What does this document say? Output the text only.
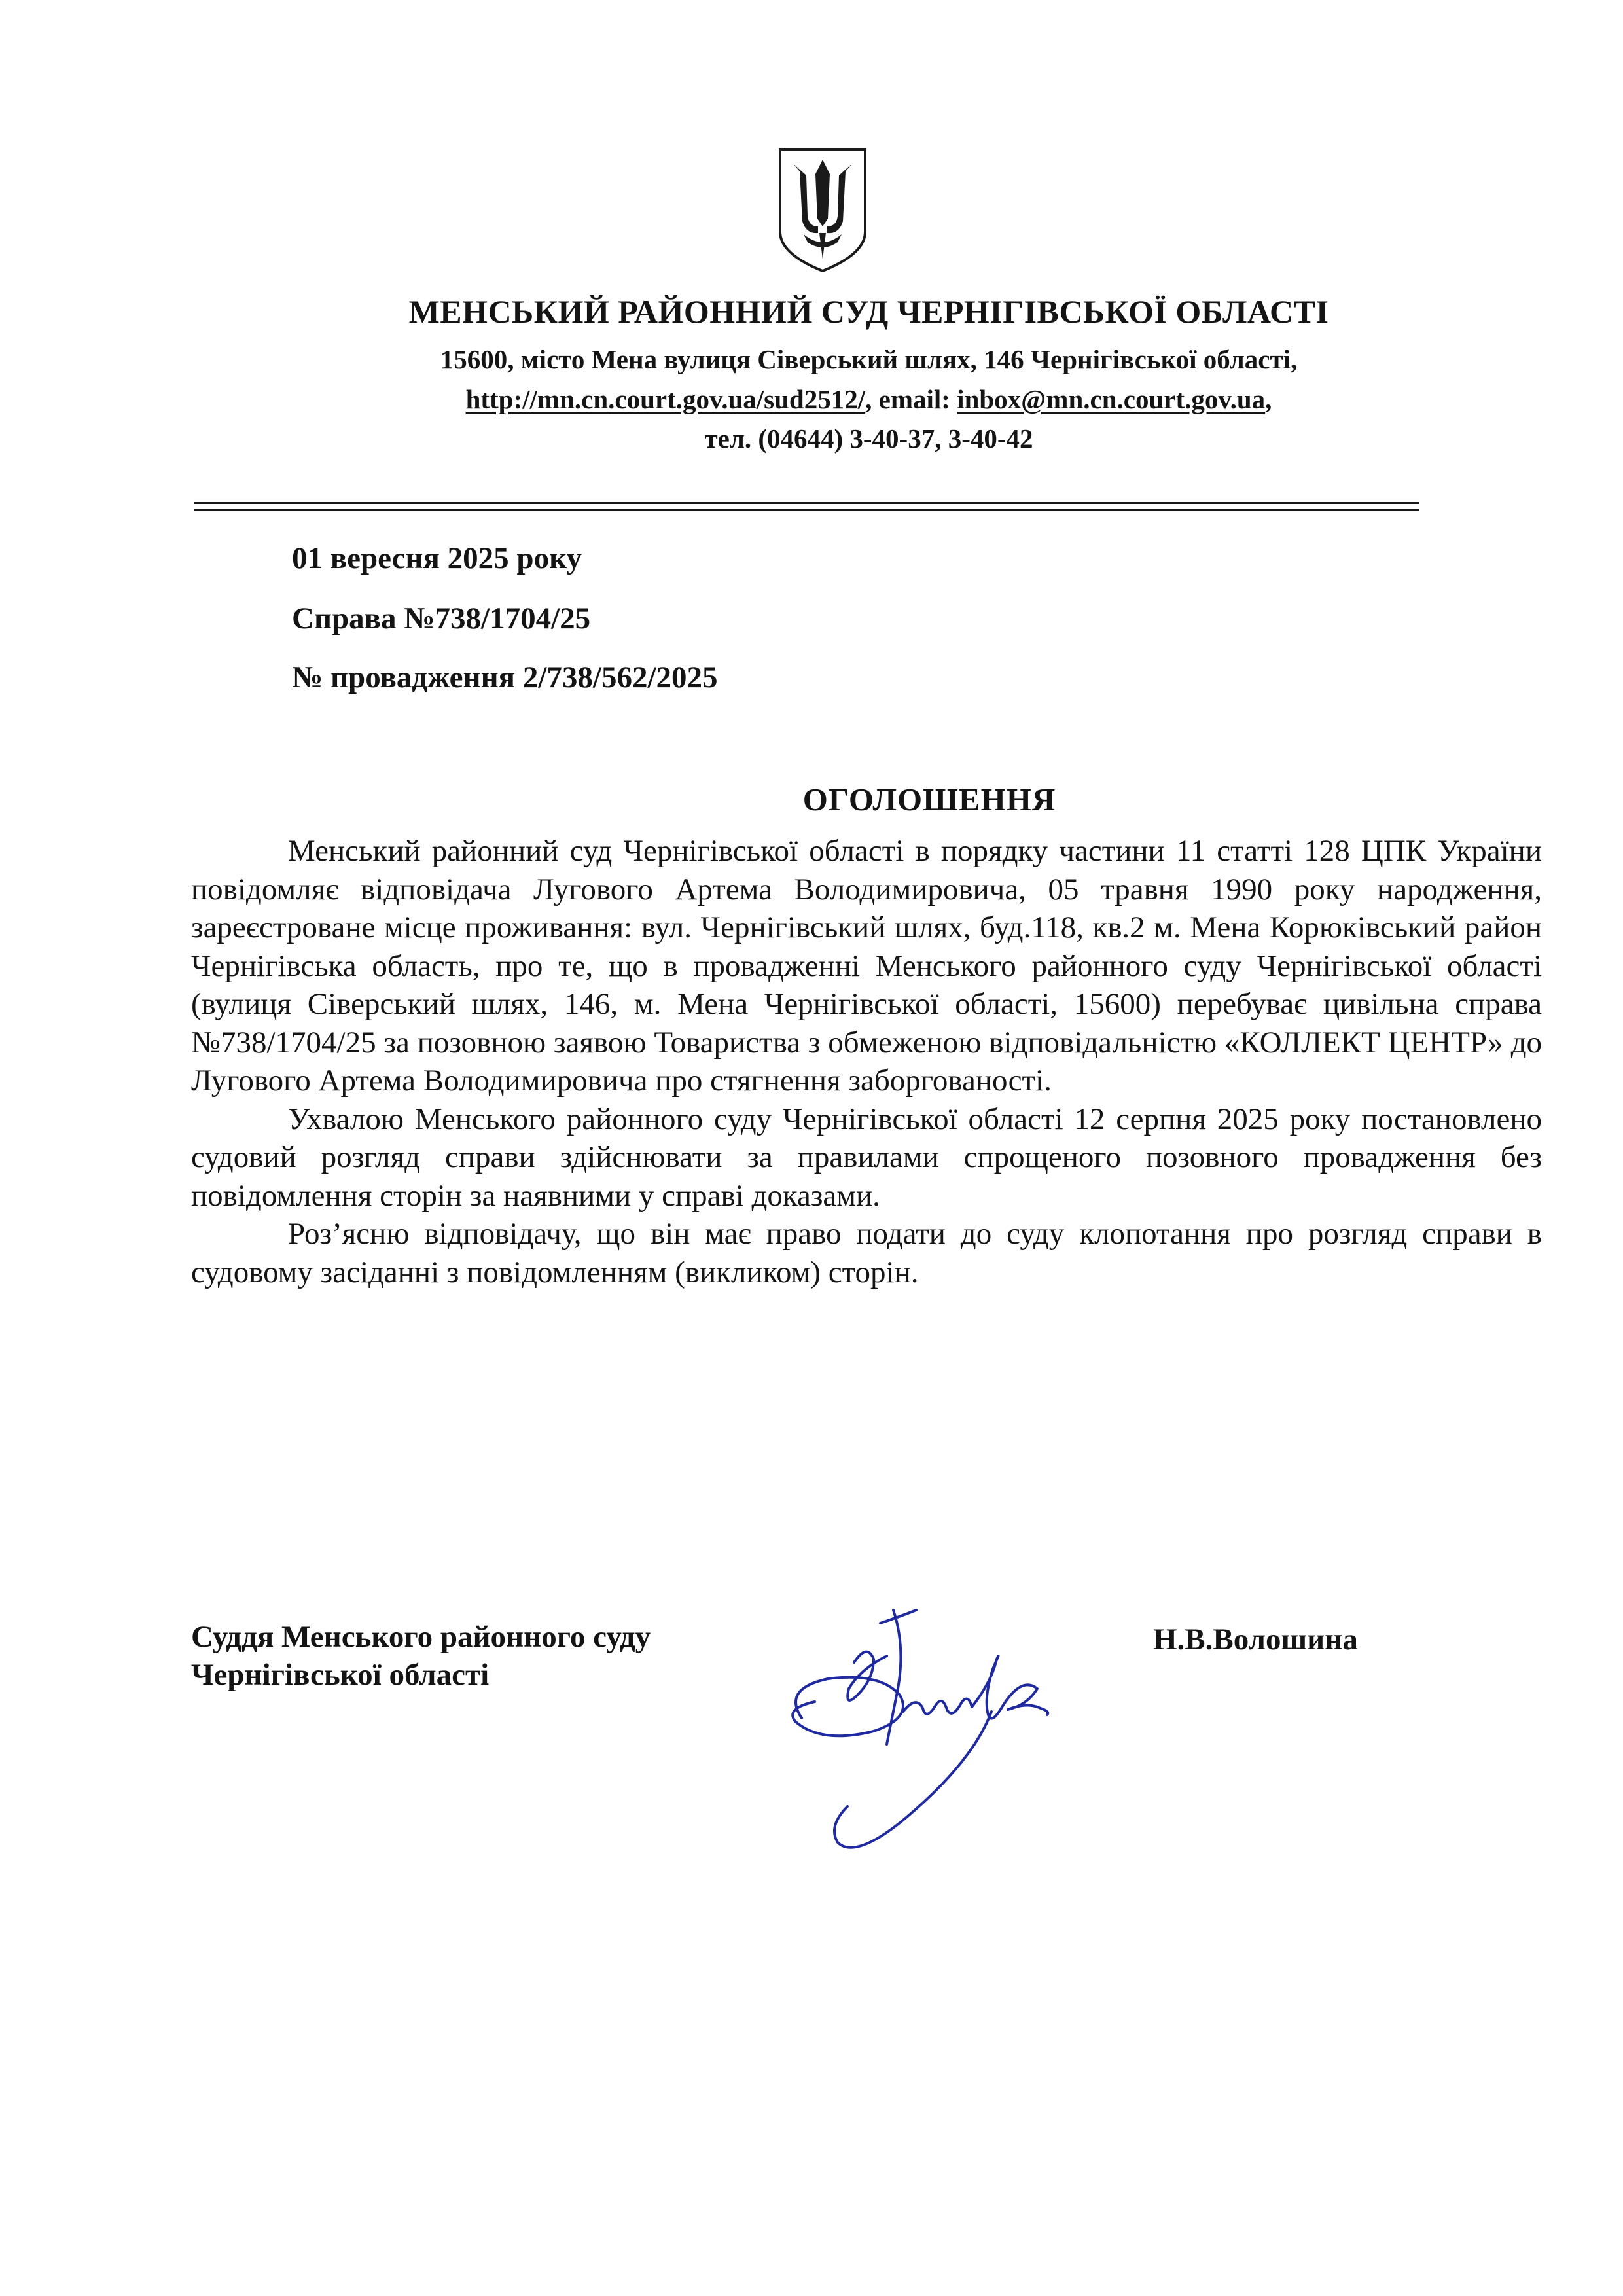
МЕНСЬКИЙ РАЙОННИЙ СУД ЧЕРНІГІВСЬКОЇ ОБЛАСТІ
15600, місто Мена вулиця Сіверський шлях, 146 Чернігівської області,
http://mn.cn.court.gov.ua/sud2512/, email: inbox@mn.cn.court.gov.ua,
тел. (04644) 3-40-37, 3-40-42
01 вересня 2025 року
Справа №738/1704/25
№ провадження 2/738/562/2025
ОГОЛОШЕННЯ

Менський районний суд Чернігівської області в порядку частини 11 статті 128 ЦПК України повідомляє відповідача Лугового Артема Володимировича, 05 травня 1990 року народження, зареєстроване місце проживання: вул. Чернігівський шлях, буд.118, кв.2 м. Мена Корюківський район Чернігівська область, про те, що в провадженні Менського районного суду Чернігівської області (вулиця Сіверський шлях, 146, м. Мена Чернігівської області, 15600) перебуває цивільна справа №738/1704/25 за позовною заявою Товариства з обмеженою відповідальністю «КОЛЛЕКТ ЦЕНТР» до Лугового Артема Володимировича про стягнення заборгованості.

Ухвалою Менського районного суду Чернігівської області 12 серпня 2025 року постановлено судовий розгляд справи здійснювати за правилами спрощеного позовного провадження без повідомлення сторін за наявними у справі доказами.

Роз’ясню відповідачу, що він має право подати до суду клопотання про розгляд справи в судовому засіданні з повідомленням (викликом) сторін.

Суддя Менського районного суду
Чернігівської області
Н.В.Волошина
